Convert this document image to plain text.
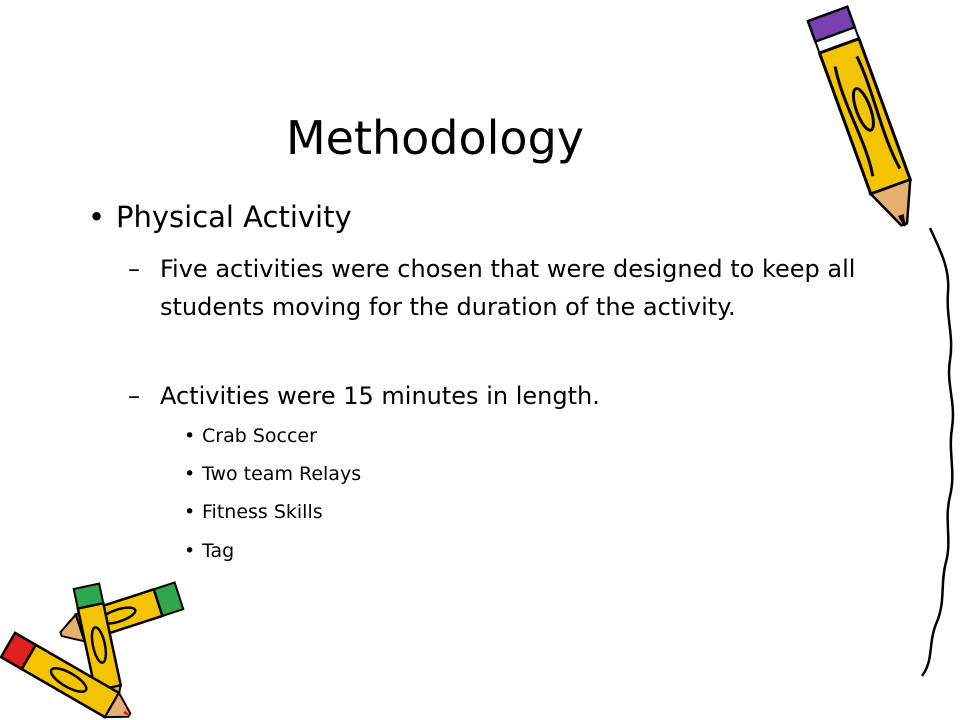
Methodology
• Physical Activity
– Five activities were chosen that were designed to keep all students moving for the duration of the activity.
– Activities were 15 minutes in length.
• Crab Soccer
• Two team Relays
• Fitness Skills
• Tag
